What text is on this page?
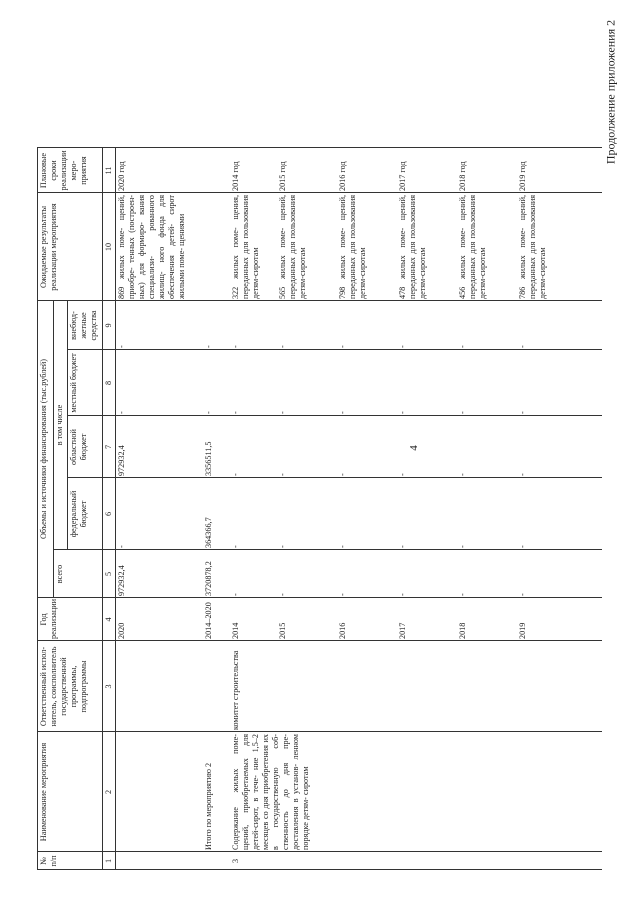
4
Продолжение приложения 2
№ п/п
Наименование мероприятия
Ответственный испол- нитель, соисполнитель государственной программы, подпрограммы
Год реализации
Объемы и источники финансирования (тыс.рублей)
всего
в том числе
федеральный бюджет
областной бюджет
местный бюджет
внебюд- жетные средства
Ожидаемые результаты реализации мероприятия
Плановые сроки реализации меро- приятия
1
2
3
4
5
6
7
8
9
10
11
2020
972932,4
-
972932,4
-
-
869 жилых поме- щений, приобре- тенных (построен- ных) для формиро- вания специализи- рованного жилищ- ного фонда для обеспечения детей- сирот жилыми поме- щениями
2020 год
Итого по мероприятию 2
2014–2020
3720878,2
364366,7
3356511,5
-
-
3
Содержание жилых поме- щений, приобретаемых для детей-сирот, в тече- ние 1,5–2 месяцев со дня приобретения их в государственную соб- ственность до дня пре- доставления в установ- ленном порядке детям- сиротам
комитет строительства
2014
-
-
-
-
-
322 жилых поме- щения, переданных для пользования детям-сиротам
2014 год
2015
-
-
-
-
-
565 жилых поме- щений, переданных для пользования детям-сиротам
2015 год
2016
-
-
-
-
-
798 жилых поме- щений, переданных для пользования детям-сиротам
2016 год
2017
-
-
-
-
-
478 жилых поме- щений, переданных для пользования детям-сиротам
2017 год
2018
-
-
-
-
-
456 жилых поме- щений, переданных для пользования детям-сиротам
2018 год
2019
-
-
-
-
-
786 жилых поме- щений, переданных для пользования детям-сиротам
2019 год
